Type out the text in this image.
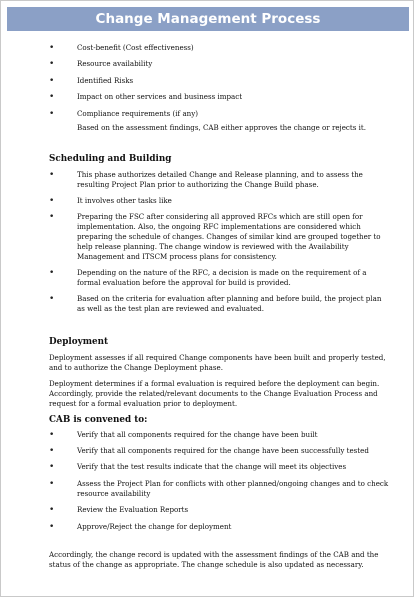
Change Management Process
• Cost-benefit (Cost effectiveness)
• Resource availability
• Identified Risks
• Impact on other services and business impact
• Compliance requirements (if any)

Based on the assessment findings, CAB either approves the change or rejects it.

Scheduling and Building
• This phase authorizes detailed Change and Release planning, and to assess the resulting Project Plan prior to authorizing the Change Build phase.
• It involves other tasks like
• Preparing the FSC after considering all approved RFCs which are still open for implementation. Also, the ongoing RFC implementations are considered which preparing the schedule of changes. Changes of similar kind are grouped together to help release planning. The change window is reviewed with the Availability Management and ITSCM process plans for consistency.
• Depending on the nature of the RFC, a decision is made on the requirement of a formal evaluation before the approval for build is provided.
• Based on the criteria for evaluation after planning and before build, the project plan as well as the test plan are reviewed and evaluated.
Deployment

Deployment assesses if all required Change components have been built and properly tested, and to authorize the Change Deployment phase.

Deployment determines if a formal evaluation is required before the deployment can begin. Accordingly, provide the related/relevant documents to the Change Evaluation Process and request for a formal evaluation prior to deployment.

CAB is convened to:
• Verify that all components required for the change have been built
• Verify that all components required for the change have been successfully tested
• Verify that the test results indicate that the change will meet its objectives
• Assess the Project Plan for conflicts with other planned/ongoing changes and to check resource availability
• Review the Evaluation Reports
• Approve/Reject the change for deployment

Accordingly, the change record is updated with the assessment findings of the CAB and the status of the change as appropriate. The change schedule is also updated as necessary.
